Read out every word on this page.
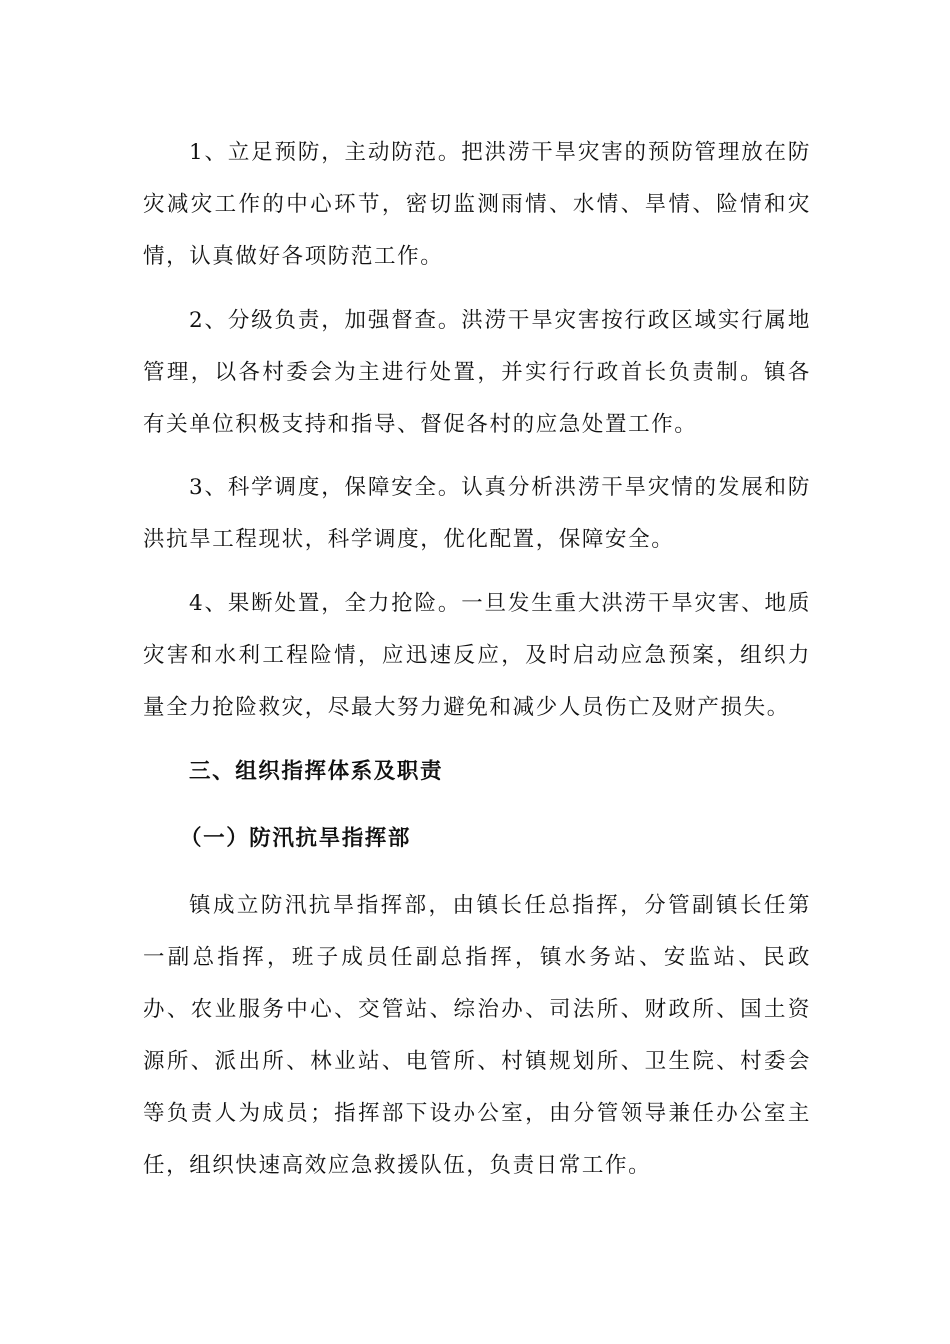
1、立足预防，主动防范。把洪涝干旱灾害的预防管理放在防灾减灾工作的中心环节，密切监测雨情、水情、旱情、险情和灾情，认真做好各项防范工作。

2、分级负责，加强督查。洪涝干旱灾害按行政区域实行属地管理，以各村委会为主进行处置，并实行行政首长负责制。镇各有关单位积极支持和指导、督促各村的应急处置工作。

3、科学调度，保障安全。认真分析洪涝干旱灾情的发展和防洪抗旱工程现状，科学调度，优化配置，保障安全。

4、果断处置，全力抢险。一旦发生重大洪涝干旱灾害、地质灾害和水利工程险情，应迅速反应，及时启动应急预案，组织力量全力抢险救灾，尽最大努力避免和减少人员伤亡及财产损失。

三、组织指挥体系及职责
（一）防汛抗旱指挥部

镇成立防汛抗旱指挥部，由镇长任总指挥，分管副镇长任第一副总指挥，班子成员任副总指挥，镇水务站、安监站、民政办、农业服务中心、交管站、综治办、司法所、财政所、国土资源所、派出所、林业站、电管所、村镇规划所、卫生院、村委会等负责人为成员；指挥部下设办公室，由分管领导兼任办公室主任，组织快速高效应急救援队伍，负责日常工作。
